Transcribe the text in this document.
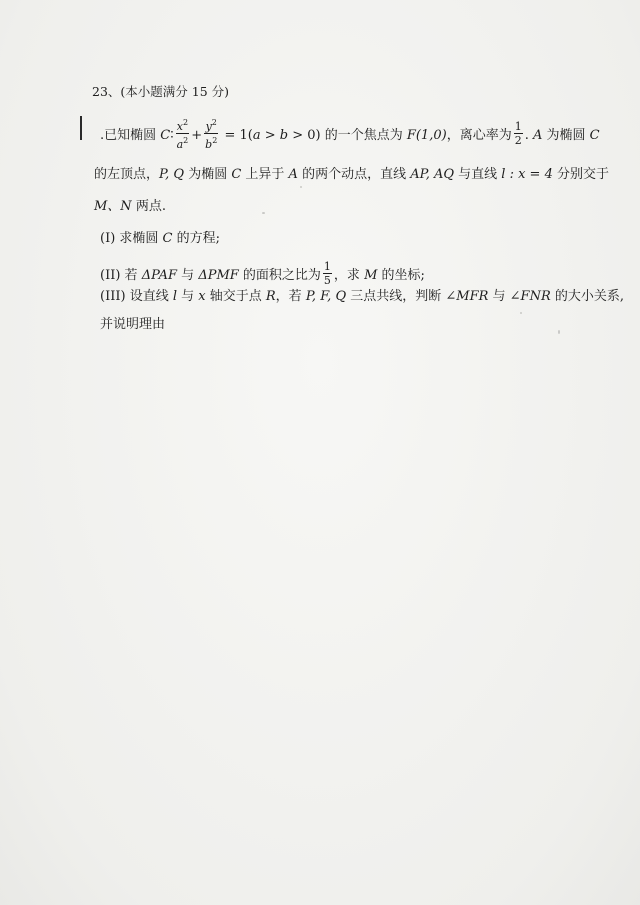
23、(本小题满分 15 分)
.已知椭圆 C∶ $\frac{x^2}{a^2} + \frac{y^2}{b^2} = 1(a > b > 0)$ 的一个焦点为 F(1,0)，离心率为 $\frac{1}{2}$ . A 为椭圆 C
的左顶点，P, Q 为椭圆 C 上异于 A 的两个动点，直线 AP, AQ 与直线 l : x = 4 分别交于
M、N 两点.
(I) 求椭圆 C 的方程;
(II) 若 ΔPAF 与 ΔPMF 的面积之比为 $\frac{1}{5}$ ，求 M 的坐标;
(III) 设直线 l 与 x 轴交于点 R，若 P, F, Q 三点共线，判断 ∠MFR 与 ∠FNR 的大小关系,
并说明理由
